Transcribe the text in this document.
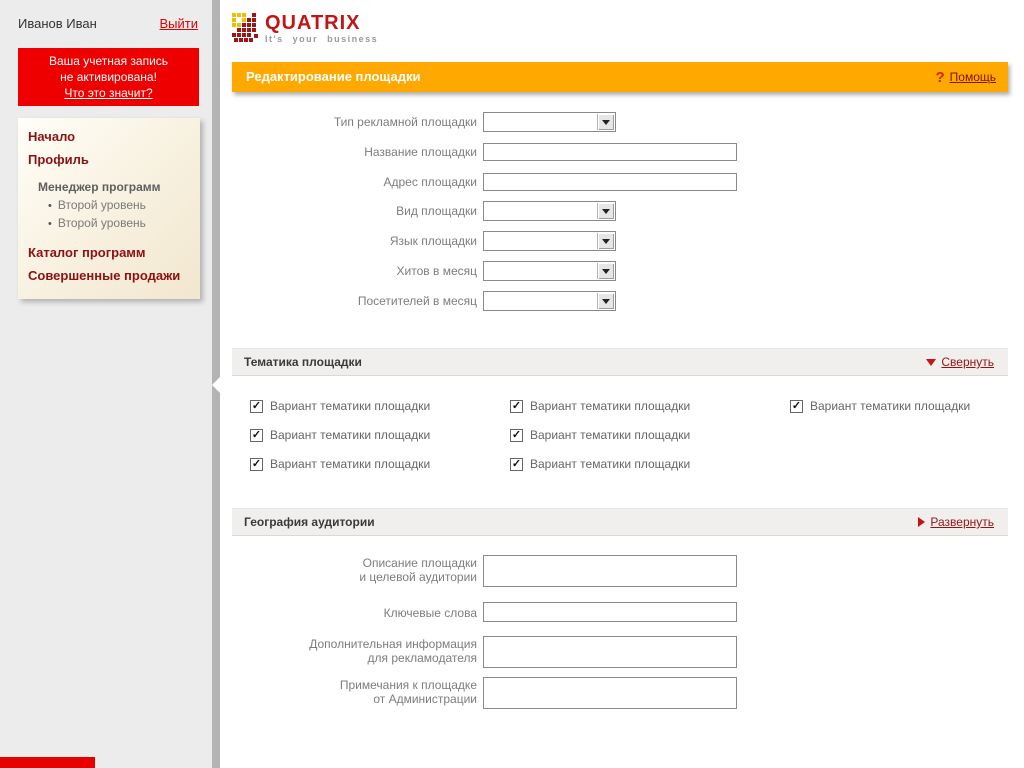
Иванов Иван	Выйти
Ваша учетная запись
не активирована!
Что это значит?
Начало
Профиль
Менеджер программ
• Второй уровень
• Второй уровень
Каталог программ
Совершенные продажи
QUATRIX
It's your business
Редактирование площадки	? Помощь
Тип рекламной площадки
Название площадки
Адрес площадки
Вид площадки
Язык площадки
Хитов в месяц
Посетителей в месяц
Тематика площадки	Свернуть
✓ Вариант тематики площадки	✓ Вариант тематики площадки	✓ Вариант тематики площадки
✓ Вариант тематики площадки	✓ Вариант тематики площадки
✓ Вариант тематики площадки	✓ Вариант тематики площадки
География аудитории	Развернуть
Описание площадки
и целевой аудитории
Ключевые слова
Дополнительная информация
для рекламодателя
Примечания к площадке
от Администрации
